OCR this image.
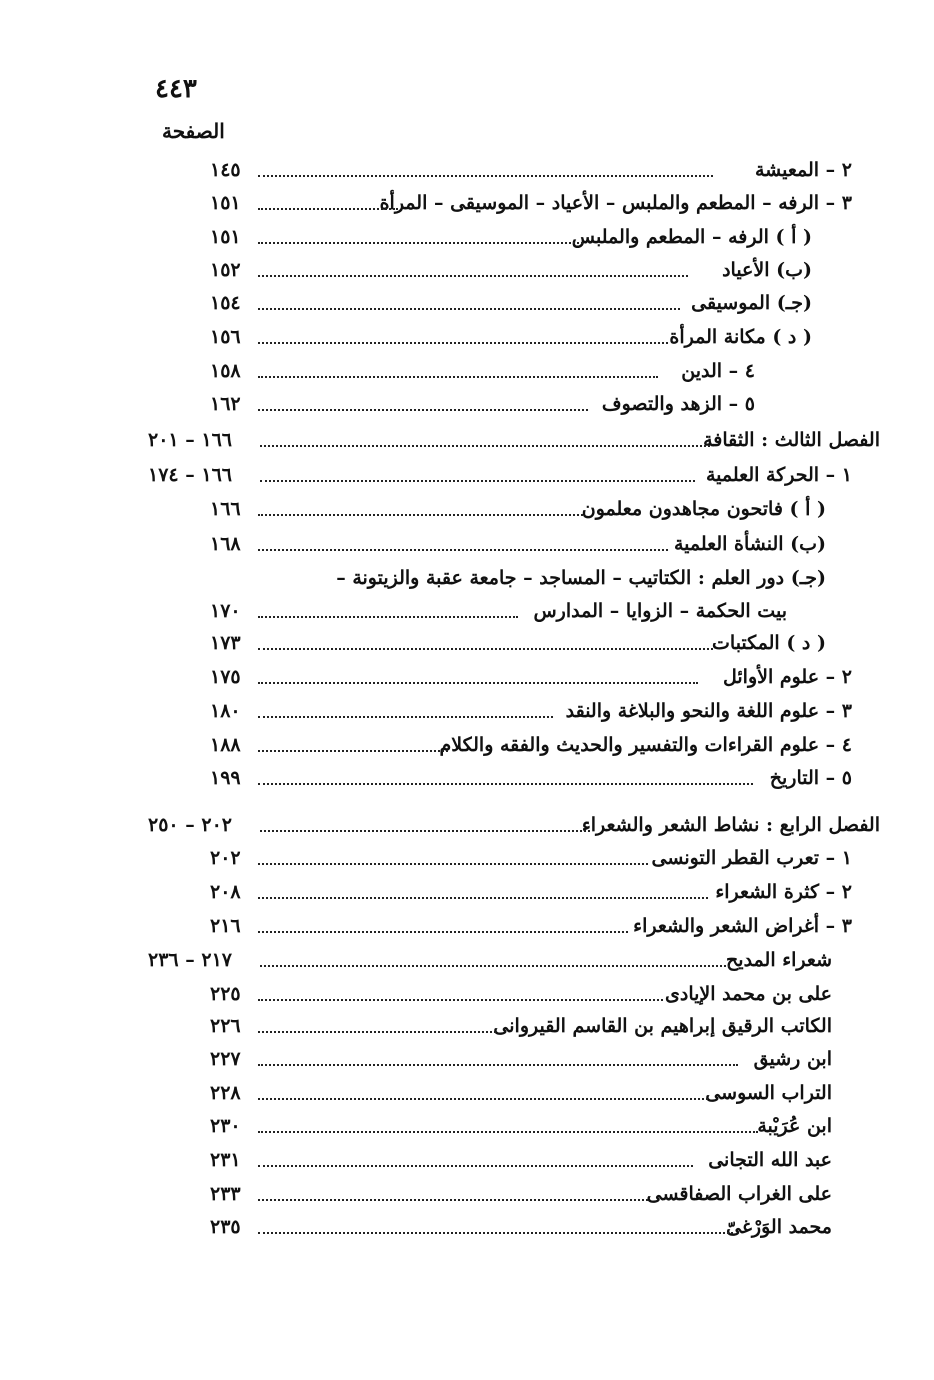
٤٤٣
الصفحة
٢ – المعيشة
١٤٥
٣ – الرفه – المطعم والملبس – الأعياد – الموسيقى – المرأة
١٥١
( أ ) الرفه – المطعم والملبس
١٥١
(ب) الأعياد
١٥٢
(جـ) الموسيقى
١٥٤
( د ) مكانة المرأة
١٥٦
٤ – الدين
١٥٨
٥ – الزهد والتصوف
١٦٢
الفصل الثالث : الثقافة
١٦٦ – ٢٠١
١ – الحركة العلمية
١٦٦ – ١٧٤
( أ ) فاتحون مجاهدون معلمون
١٦٦
(ب) النشأة العلمية
١٦٨
(جـ) دور العلم : الكتاتيب – المساجد – جامعة عقبة والزيتونة –
بيت الحكمة – الزوايا – المدارس
١٧٠
( د ) المكتبات
١٧٣
٢ – علوم الأوائل
١٧٥
٣ – علوم اللغة والنحو والبلاغة والنقد
١٨٠
٤ – علوم القراءات والتفسير والحديث والفقه والكلام
١٨٨
٥ – التاريخ
١٩٩
الفصل الرابع : نشاط الشعر والشعراء
٢٠٢ – ٢٥٠
١ – تعرب القطر التونسى
٢٠٢
٢ – كثرة الشعراء
٢٠٨
٣ – أغراض الشعر والشعراء
٢١٦
شعراء المديح
٢١٧ – ٢٣٦
على بن محمد الإيادى
٢٢٥
الكاتب الرقيق إبراهيم بن القاسم القيروانى
٢٢٦
ابن رشيق
٢٢٧
التراب السوسى
٢٢٨
ابن عُرَيْبة
٢٣٠
عبد الله التجانى
٢٣١
على الغراب الصفاقسى
٢٣٣
محمد الوَرْغىّ
٢٣٥
